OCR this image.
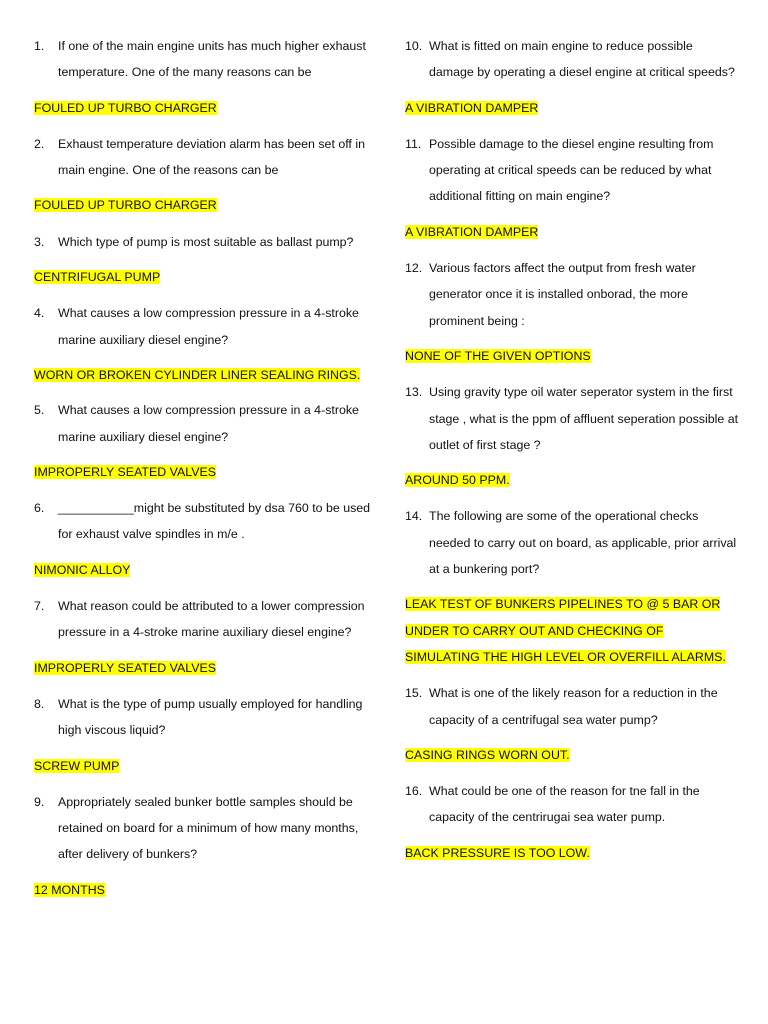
1.	If one of the main engine units has much higher exhaust temperature. One of the many reasons can be
FOULED UP TURBO CHARGER
2.	Exhaust temperature deviation alarm has been set off in main engine. One of the reasons can be
FOULED UP TURBO CHARGER
3.	Which type of pump is most suitable as ballast pump?
CENTRIFUGAL PUMP
4.	What causes a low compression pressure in a 4-stroke marine auxiliary diesel engine?
WORN OR BROKEN CYLINDER LINER SEALING RINGS.
5.	What causes a low compression pressure in a 4-stroke marine auxiliary diesel engine?
IMPROPERLY SEATED VALVES
6.	___________might be substituted by dsa 760 to be used for exhaust valve spindles in m/e .
NIMONIC ALLOY
7.	What reason could be attributed to a lower compression pressure in a 4-stroke marine auxiliary diesel engine?
IMPROPERLY SEATED VALVES
8.	What is the type of pump usually employed for handling high viscous liquid?
SCREW PUMP
9.	Appropriately sealed bunker bottle samples should be retained on board for a minimum of how many months, after delivery of bunkers?
12 MONTHS
10. What is fitted on main engine to reduce possible damage by operating a diesel engine at critical speeds?
A VIBRATION DAMPER
11. Possible damage to the diesel engine resulting from operating at critical speeds can be reduced by what additional fitting on main engine?
A VIBRATION DAMPER
12. Various factors affect the output from fresh water generator once it is installed onborad, the more prominent being :
NONE OF THE GIVEN OPTIONS
13. Using gravity type oil water seperator system in the first stage , what is the ppm of affluent seperation possible at outlet of first stage ?
AROUND 50 PPM.
14. The following are some of the operational checks needed to carry out on board, as applicable, prior arrival at a bunkering port?
LEAK TEST OF BUNKERS PIPELINES TO @ 5 BAR OR UNDER TO CARRY OUT AND CHECKING OF SIMULATING THE HIGH LEVEL OR OVERFILL ALARMS.
15. What is one of the likely reason for a reduction in the capacity of a centrifugal sea water pump?
CASING RINGS WORN OUT.
16. What could be one of the reason for tne fall in the capacity of the centrirugai sea water pump.
BACK PRESSURE IS TOO LOW.
